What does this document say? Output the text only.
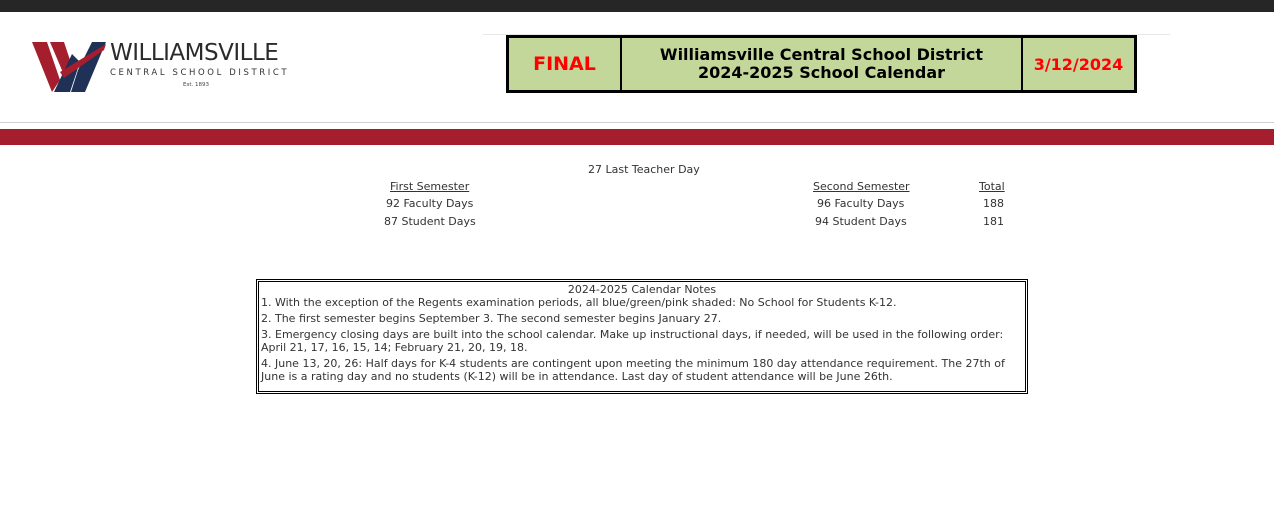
WILLIAMSVILLE
CENTRAL SCHOOL DISTRICT
Est. 1893
FINAL	Williamsville Central School District
2024-2025 School Calendar	3/12/2024
27 Last Teacher Day
First Semester
92 Faculty Days
87 Student Days
Second Semester
96 Faculty Days
94 Student Days
Total
188
181
2024-2025 Calendar Notes
1. With the exception of the Regents examination periods, all blue/green/pink shaded: No School for Students K-12.
2. The first semester begins September 3. The second semester begins January 27.
3. Emergency closing days are built into the school calendar. Make up instructional days, if needed, will be used in the following order: April 21, 17, 16, 15, 14; February 21, 20, 19, 18.
4. June 13, 20, 26: Half days for K-4 students are contingent upon meeting the minimum 180 day attendance requirement. The 27th of June is a rating day and no students (K-12) will be in attendance. Last day of student attendance will be June 26th.
